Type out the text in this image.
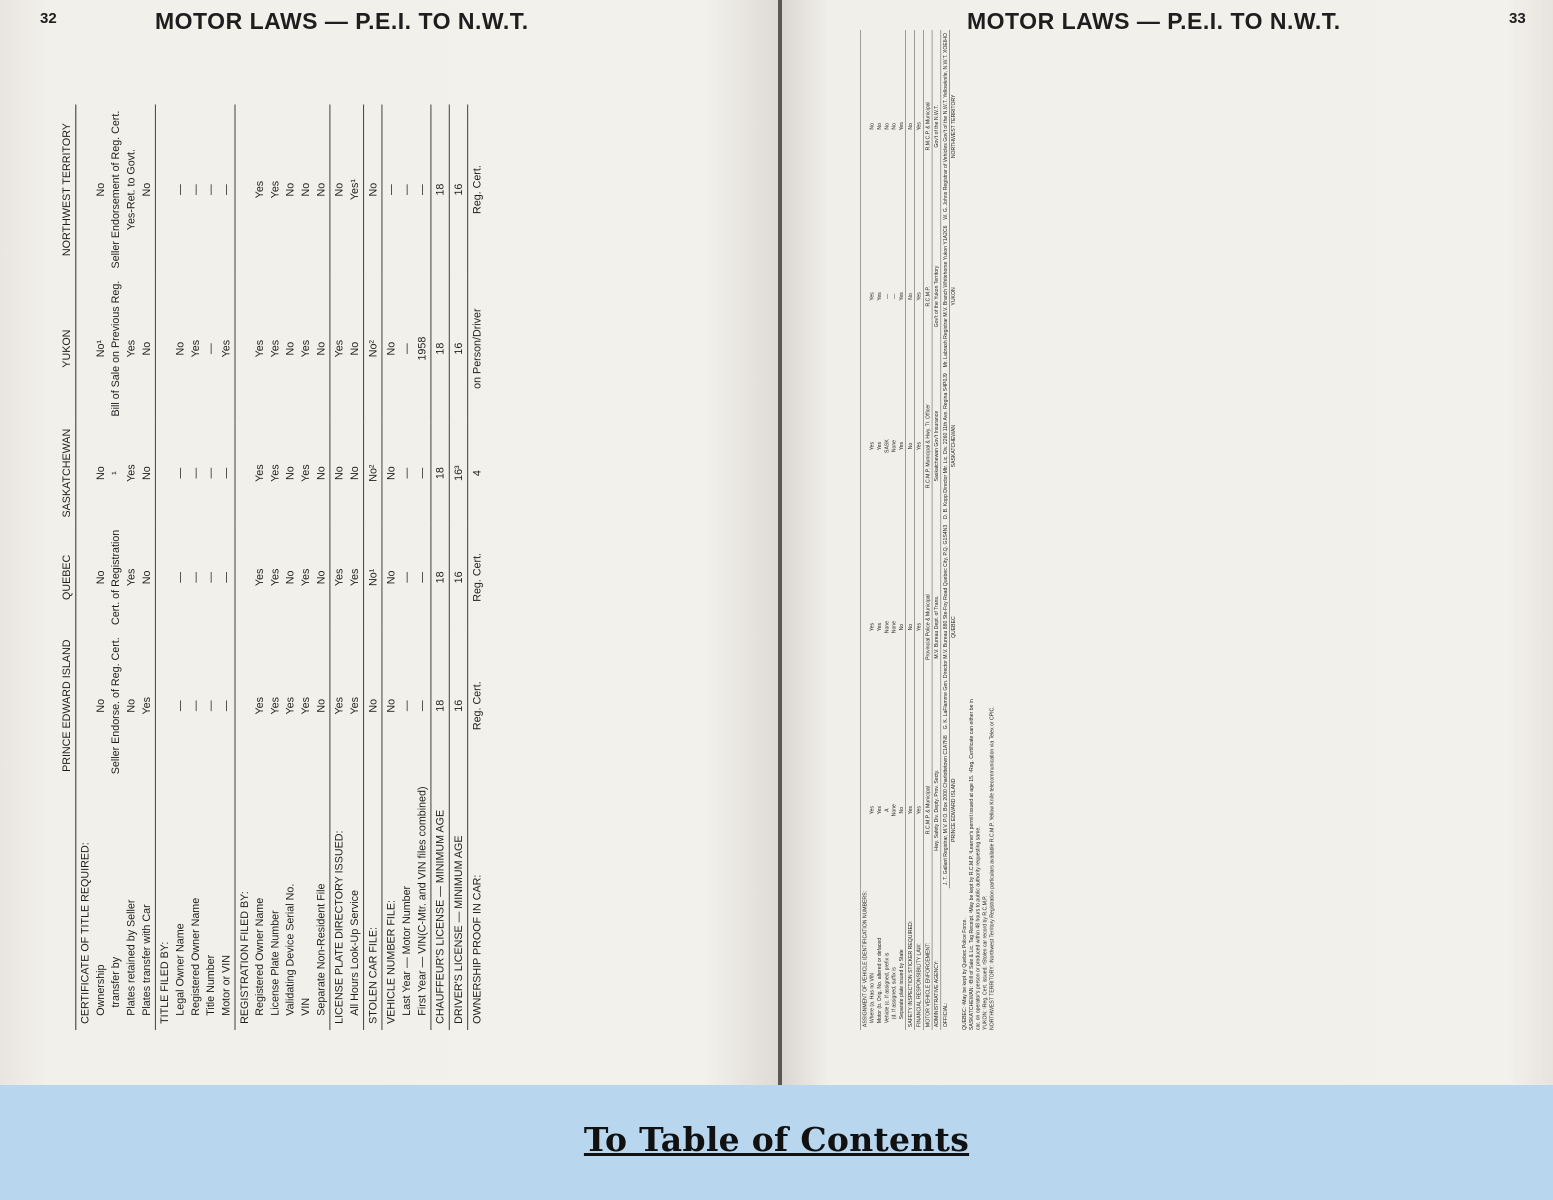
32	MOTOR LAWS — P.E.I. TO N.W.T.
	PRINCE EDWARD ISLAND	QUEBEC	SASKATCHEWAN	YUKON	NORTHWEST TERRITORY
CERTIFICATE OF TITLE REQUIRED:					
Ownership	No	No	No	No¹	No
transfer by	Seller Endorse. of Reg. Cert.	Cert. of Registration	¹	Bill of Sale on Previous Reg.	Seller Endorsement of Reg. Cert.
Plates retained by Seller	No	Yes	Yes	Yes	Yes-Ret. to Govt.
Plates transfer with Car	Yes	No	No	No	No
TITLE FILED BY:					
Legal Owner Name	—	—	—	No	—
Registered Owner Name	—	—	—	Yes	—
Title Number	—	—	—	—	—
Motor or VIN	—	—	—	Yes	—
REGISTRATION FILED BY:					
Registered Owner Name	Yes	Yes	Yes	Yes	Yes
License Plate Number	Yes	Yes	Yes	Yes	Yes
Validating Device Serial No.	Yes	No	No	No	No
VIN	Yes	Yes	Yes	Yes	No
Separate Non-Resident File	No	No	No	No	No
LICENSE PLATE DIRECTORY ISSUED:	Yes	Yes	No	Yes	No
All Hours Look-Up Service	Yes	Yes	No	No	Yes¹
STOLEN CAR FILE:	No	No¹	No²	No²	No
VEHICLE NUMBER FILE:	No	No	No	No	—
Last Year — Motor Number	—	—	—	—	—
First Year — VIN(C-Mtr. and VIN files combined)	—	—	—	1958	—
CHAUFFEUR'S LICENSE — MINIMUM AGE	18	18	18	18	18
DRIVER'S LICENSE — MINIMUM AGE	16	16	16³	16	16
OWNERSHIP PROOF IN CAR:	Reg. Cert.	Reg. Cert.	4	on Person/Driver	Reg. Cert.
MOTOR LAWS — P.E.I. TO N.W.T.	33
ASSIGNMENT OF VEHICLE IDENTIFICATION NUMBERS:					
Where (a. Has no VIN	Yes	Yes	Yes	Yes	No
Motor (b. Orig. No. altered or defaced	Yes	Yes	Yes	Yes	No
Vehicle (c. If assigned, prefix is	A	None	SASK	—	No
(d. If assigned, suffix is	None	None	None	—	No
Separate plate issued by State	No	No	Yes	Yes	Yes
SAFETY INSPECTION STICKER REQUIRED:	Yes	No	No	No	No
FINANCIAL RESPONSIBILITY LAW:	Yes	Yes	Yes	Yes	Yes
MOTOR VEHICLE ENFORCEMENT:	R.C.M.P. & Municipal	Provincial Police & Municipal	R.C.M.P. Municipal & Hwy. Tr. Officer	R.C.M.P.	R.M.C.P. & Municipal
ADMINISTRATIVE AGENCY:	Hwy. Safety Div. Depty. Prov. Secty.	M.V. Bureau Dept. of Trans.	Saskatchewan Gov't Insurance	Gov't of the Yukon Territory	Gov't of the N.W.T.
OFFICIAL:	J. T. Gallant Registrar, M.V. P.O. Box 2000 Charlottetown C1A7N8	G. K. LaFlamme Gen. Director M.V. Bureau 880 Ste-Foy Road Quebec City, P.Q. G1S4N3	D. B. Kopp Director Mtr. Lic. Div. 2260 11th Ave. Regina S4P0J9	Mr. Labrash Registrar M.V. Branch Whitehorse Yukon Y1A2C6	W. G. Johns Registrar of Vehicles Gov't of the N.W.T. Yellowknife, N.W.T. XOEIHO
	PRINCE EDWARD ISLAND	QUEBEC	SASKATCHEWAN	YUKON	NORTHWEST TERRITORY
QUEBEC: ¹May be kept by Quebec Police Force. SASKATCHEWAN: ¹Bill of Sale & Lic. Tag Receipt. ²May be kept by R.C.M.P. ³Learner's permit issued at age 15. ⁴Reg. Certificate can either be in car, on operator's person or produced within 48 hours to public authority requesting same. YUKON: ¹Reg. Cert. issued. ²Stolen car record by R.C.M.P. NORTHWEST TERRITORY: ¹Northwest Territory Registration particulars available R.C.M.P. Yellow Knife telecommunication via Telex or CPIC.
To Table of Contents
